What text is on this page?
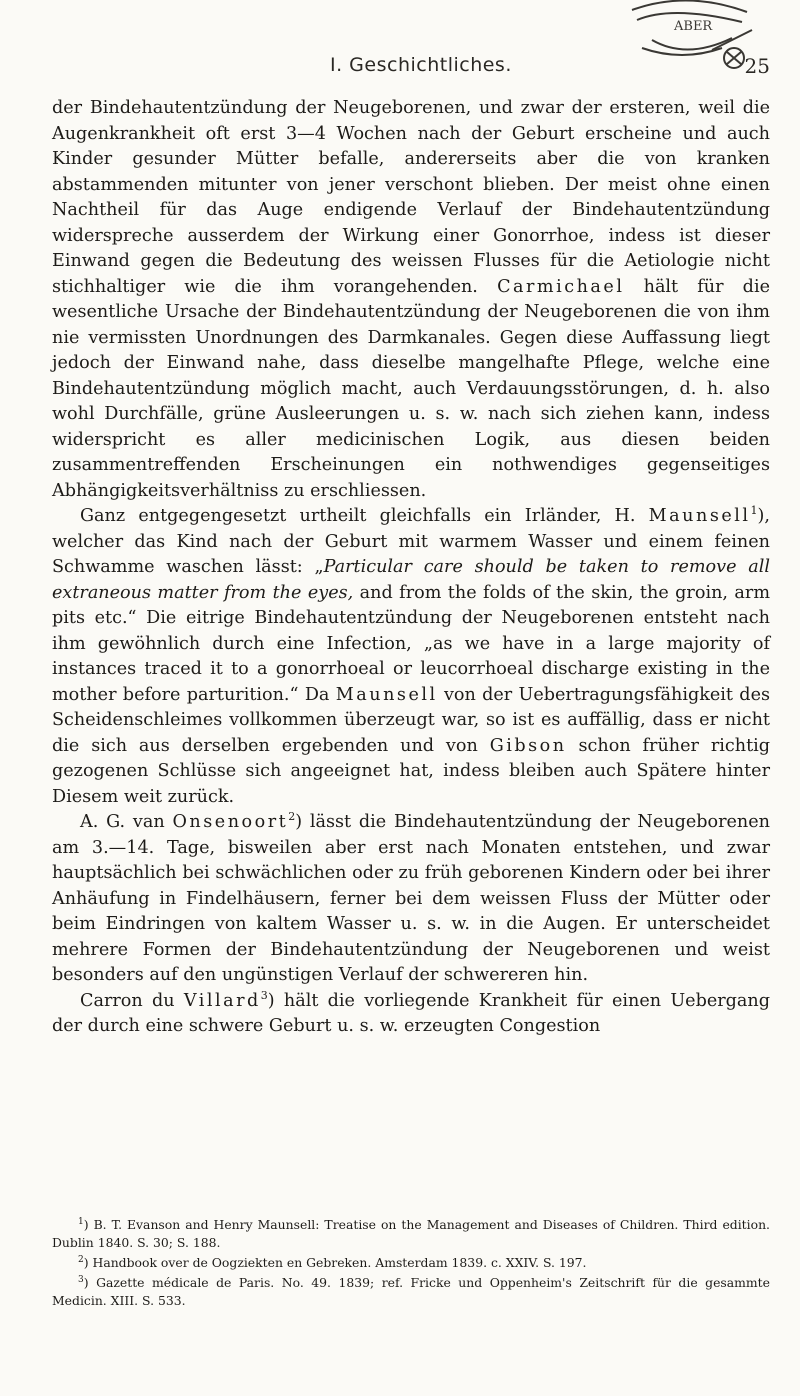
I. Geschichtliches.
ABER
25

der Bindehautentzündung der Neugeborenen, und zwar der ersteren, weil die Augenkrankheit oft erst 3—4 Wochen nach der Geburt erscheine und auch Kinder gesunder Mütter befalle, andererseits aber die von kranken abstammenden mitunter von jener verschont blieben. Der meist ohne einen Nachtheil für das Auge endigende Verlauf der Bindehautentzündung widerspreche ausserdem der Wirkung einer Gonorrhoe, indess ist dieser Einwand gegen die Bedeutung des weissen Flusses für die Aetiologie nicht stichhaltiger wie die ihm vorangehenden. Carmichael hält für die wesentliche Ursache der Bindehautentzündung der Neugeborenen die von ihm nie vermissten Unordnungen des Darmkanales. Gegen diese Auffassung liegt jedoch der Einwand nahe, dass dieselbe mangelhafte Pflege, welche eine Bindehautentzündung möglich macht, auch Verdauungsstörungen, d. h. also wohl Durchfälle, grüne Ausleerungen u. s. w. nach sich ziehen kann, indess widerspricht es aller medicinischen Logik, aus diesen beiden zusammentreffenden Erscheinungen ein nothwendiges gegenseitiges Abhängigkeitsverhältniss zu erschliessen.

Ganz entgegengesetzt urtheilt gleichfalls ein Irländer, H. Maunsell$^1$), welcher das Kind nach der Geburt mit warmem Wasser und einem feinen Schwamme waschen lässt: „Particular care should be taken to remove all extraneous matter from the eyes, and from the folds of the skin, the groin, arm pits etc.“ Die eitrige Bindehautentzündung der Neugeborenen entsteht nach ihm gewöhnlich durch eine Infection, „as we have in a large majority of instances traced it to a gonorrhoeal or leucorrhoeal discharge existing in the mother before parturition.“ Da Maunsell von der Uebertragungsfähigkeit des Scheidenschleimes vollkommen überzeugt war, so ist es auffällig, dass er nicht die sich aus derselben ergebenden und von Gibson schon früher richtig gezogenen Schlüsse sich angeeignet hat, indess bleiben auch Spätere hinter Diesem weit zurück.

A. G. van Onsenoort$^2$) lässt die Bindehautentzündung der Neugeborenen am 3.—14. Tage, bisweilen aber erst nach Monaten entstehen, und zwar hauptsächlich bei schwächlichen oder zu früh geborenen Kindern oder bei ihrer Anhäufung in Findelhäusern, ferner bei dem weissen Fluss der Mütter oder beim Eindringen von kaltem Wasser u. s. w. in die Augen. Er unterscheidet mehrere Formen der Bindehautentzündung der Neugeborenen und weist besonders auf den ungünstigen Verlauf der schwereren hin.

Carron du Villard$^3$) hält die vorliegende Krankheit für einen Uebergang der durch eine schwere Geburt u. s. w. erzeugten Congestion

$^1$) B. T. Evanson and Henry Maunsell: Treatise on the Management and Diseases of Children. Third edition. Dublin 1840. S. 30; S. 188.

$^2$) Handbook over de Oogziekten en Gebreken. Amsterdam 1839. c. XXIV. S. 197.

$^3$) Gazette médicale de Paris. No. 49. 1839; ref. Fricke und Oppenheim's Zeitschrift für die gesammte Medicin. XIII. S. 533.
